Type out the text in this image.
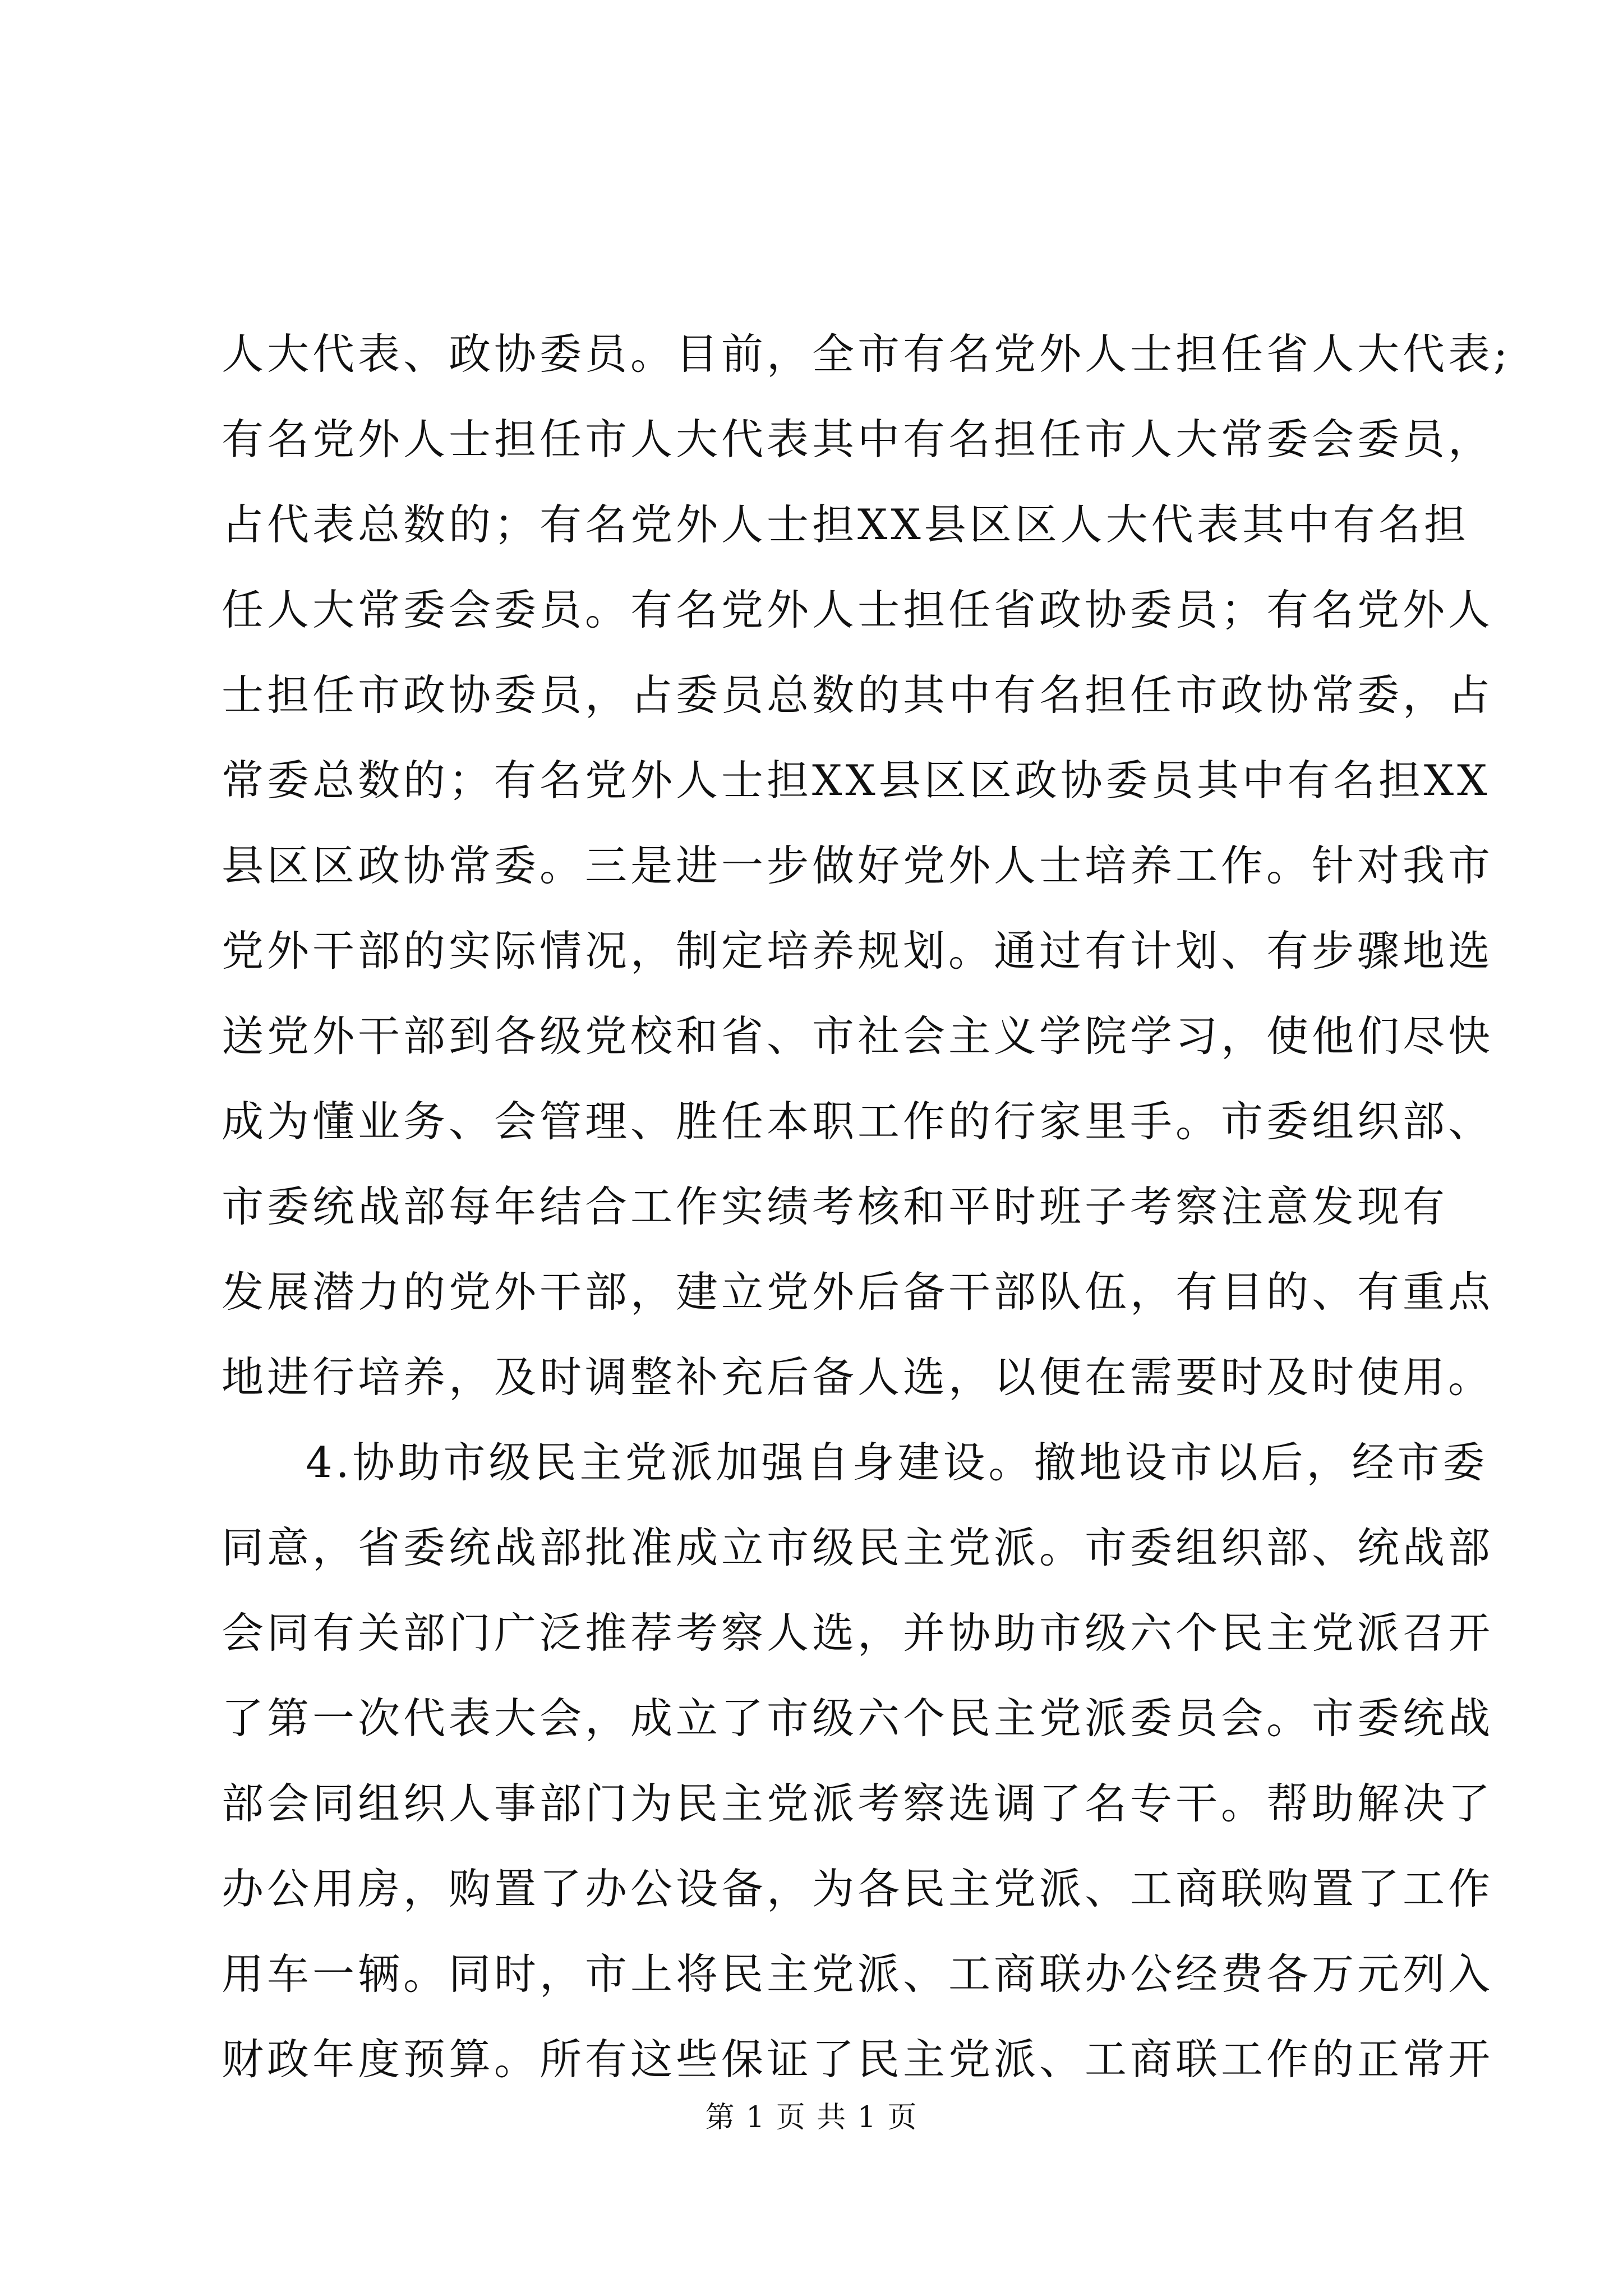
人大代表、政协委员。目前，全市有名党外人士担任省人大代表;
有名党外人士担任市人大代表其中有名担任市人大常委会委员，
占代表总数的；有名党外人士担XX县区区人大代表其中有名担
任人大常委会委员。有名党外人士担任省政协委员；有名党外人
士担任市政协委员，占委员总数的其中有名担任市政协常委，占
常委总数的；有名党外人士担XX县区区政协委员其中有名担XX
县区区政协常委。三是进一步做好党外人士培养工作。针对我市
党外干部的实际情况，制定培养规划。通过有计划、有步骤地选
送党外干部到各级党校和省、市社会主义学院学习，使他们尽快
成为懂业务、会管理、胜任本职工作的行家里手。市委组织部、
市委统战部每年结合工作实绩考核和平时班子考察注意发现有
发展潜力的党外干部，建立党外后备干部队伍，有目的、有重点
地进行培养，及时调整补充后备人选，以便在需要时及时使用。
4.协助市级民主党派加强自身建设。撤地设市以后，经市委
同意，省委统战部批准成立市级民主党派。市委组织部、统战部
会同有关部门广泛推荐考察人选，并协助市级六个民主党派召开
了第一次代表大会，成立了市级六个民主党派委员会。市委统战
部会同组织人事部门为民主党派考察选调了名专干。帮助解决了
办公用房，购置了办公设备，为各民主党派、工商联购置了工作
用车一辆。同时，市上将民主党派、工商联办公经费各万元列入
财政年度预算。所有这些保证了民主党派、工商联工作的正常开
第 1 页 共 1 页
